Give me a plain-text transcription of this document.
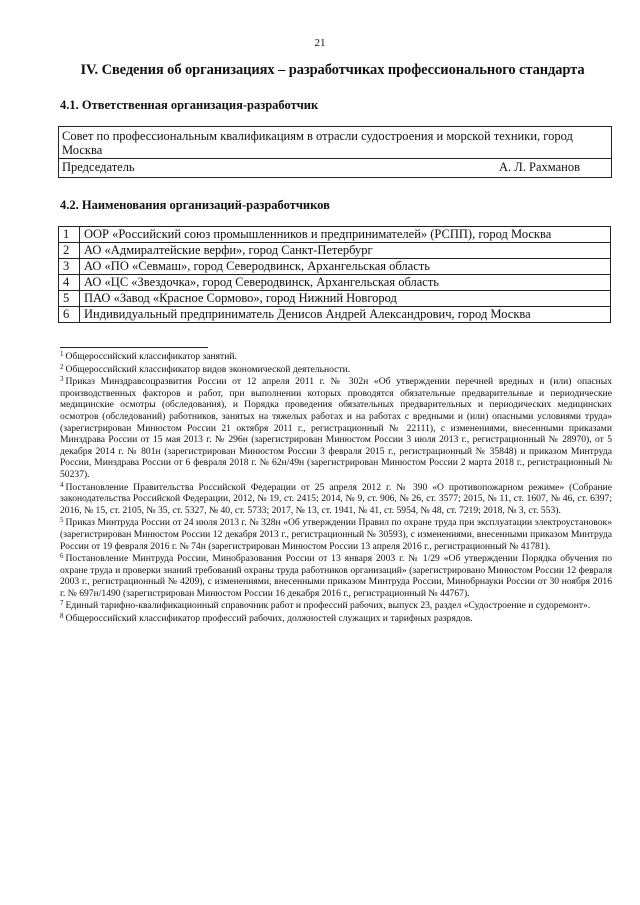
21
IV. Сведения об организациях – разработчиках профессионального стандарта
4.1. Ответственная организация-разработчик
Совет по профессиональным квалификациям в отрасли судостроения и морской техники, город Москва
Председатель	А. Л. Рахманов
4.2. Наименования организаций-разработчиков
1	ООР «Российский союз промышленников и предпринимателей» (РСПП), город Москва
2	АО «Адмиралтейские верфи», город Санкт-Петербург
3	АО «ПО «Севмаш», город Северодвинск, Архангельская область
4	АО «ЦС «Звездочка», город Северодвинск, Архангельская область
5	ПАО «Завод «Красное Сормово», город Нижний Новгород
6	Индивидуальный предприниматель Денисов Андрей Александрович, город Москва

$^1$ Общероссийский классификатор занятий.

$^2$ Общероссийский классификатор видов экономической деятельности.

$^3$ Приказ Минздравсоцразвития России от 12 апреля 2011 г. № 302н «Об утверждении перечней вредных и (или) опасных производственных факторов и работ, при выполнении которых проводятся обязательные предварительные и периодические медицинские осмотры (обследования), и Порядка проведения обязательных предварительных и периодических медицинских осмотров (обследований) работников, занятых на тяжелых работах и на работах с вредными и (или) опасными условиями труда» (зарегистрирован Минюстом России 21 октября 2011 г., регистрационный № 22111), с изменениями, внесенными приказами Минздрава России от 15 мая 2013 г. № 296н (зарегистрирован Минюстом России 3 июля 2013 г., регистрационный № 28970), от 5 декабря 2014 г. № 801н (зарегистрирован Минюстом России 3 февраля 2015 г., регистрационный № 35848) и приказом Минтруда России, Минздрава России от 6 февраля 2018 г. № 62н/49н (зарегистрирован Минюстом России 2 марта 2018 г., регистрационный № 50237).

$^4$ Постановление Правительства Российской Федерации от 25 апреля 2012 г. № 390 «О противопожарном режиме» (Собрание законодательства Российской Федерации, 2012, № 19, ст. 2415; 2014, № 9, ст. 906, № 26, ст. 3577; 2015, № 11, ст. 1607, № 46, ст. 6397; 2016, № 15, ст. 2105, № 35, ст. 5327, № 40, ст. 5733; 2017, № 13, ст. 1941, № 41, ст. 5954, № 48, ст. 7219; 2018, № 3, ст. 553).

$^5$ Приказ Минтруда России от 24 июля 2013 г. № 328н «Об утверждении Правил по охране труда при эксплуатации электроустановок» (зарегистрирован Минюстом России 12 декабря 2013 г., регистрационный № 30593), с изменениями, внесенными приказом Минтруда России от 19 февраля 2016 г. № 74н (зарегистрирован Минюстом России 13 апреля 2016 г., регистрационный № 41781).

$^6$ Постановление Минтруда России, Минобразования России от 13 января 2003 г. № 1/29 «Об утверждении Порядка обучения по охране труда и проверки знаний требований охраны труда работников организаций» (зарегистрировано Минюстом России 12 февраля 2003 г., регистрационный № 4209), с изменениями, внесенными приказом Минтруда России, Минобрнауки России от 30 ноября 2016 г. № 697н/1490 (зарегистрирован Минюстом России 16 декабря 2016 г., регистрационный № 44767).

$^7$ Единый тарифно-квалификационный справочник работ и профессий рабочих, выпуск 23, раздел «Судостроение и судоремонт».

$^8$ Общероссийский классификатор профессий рабочих, должностей служащих и тарифных разрядов.
